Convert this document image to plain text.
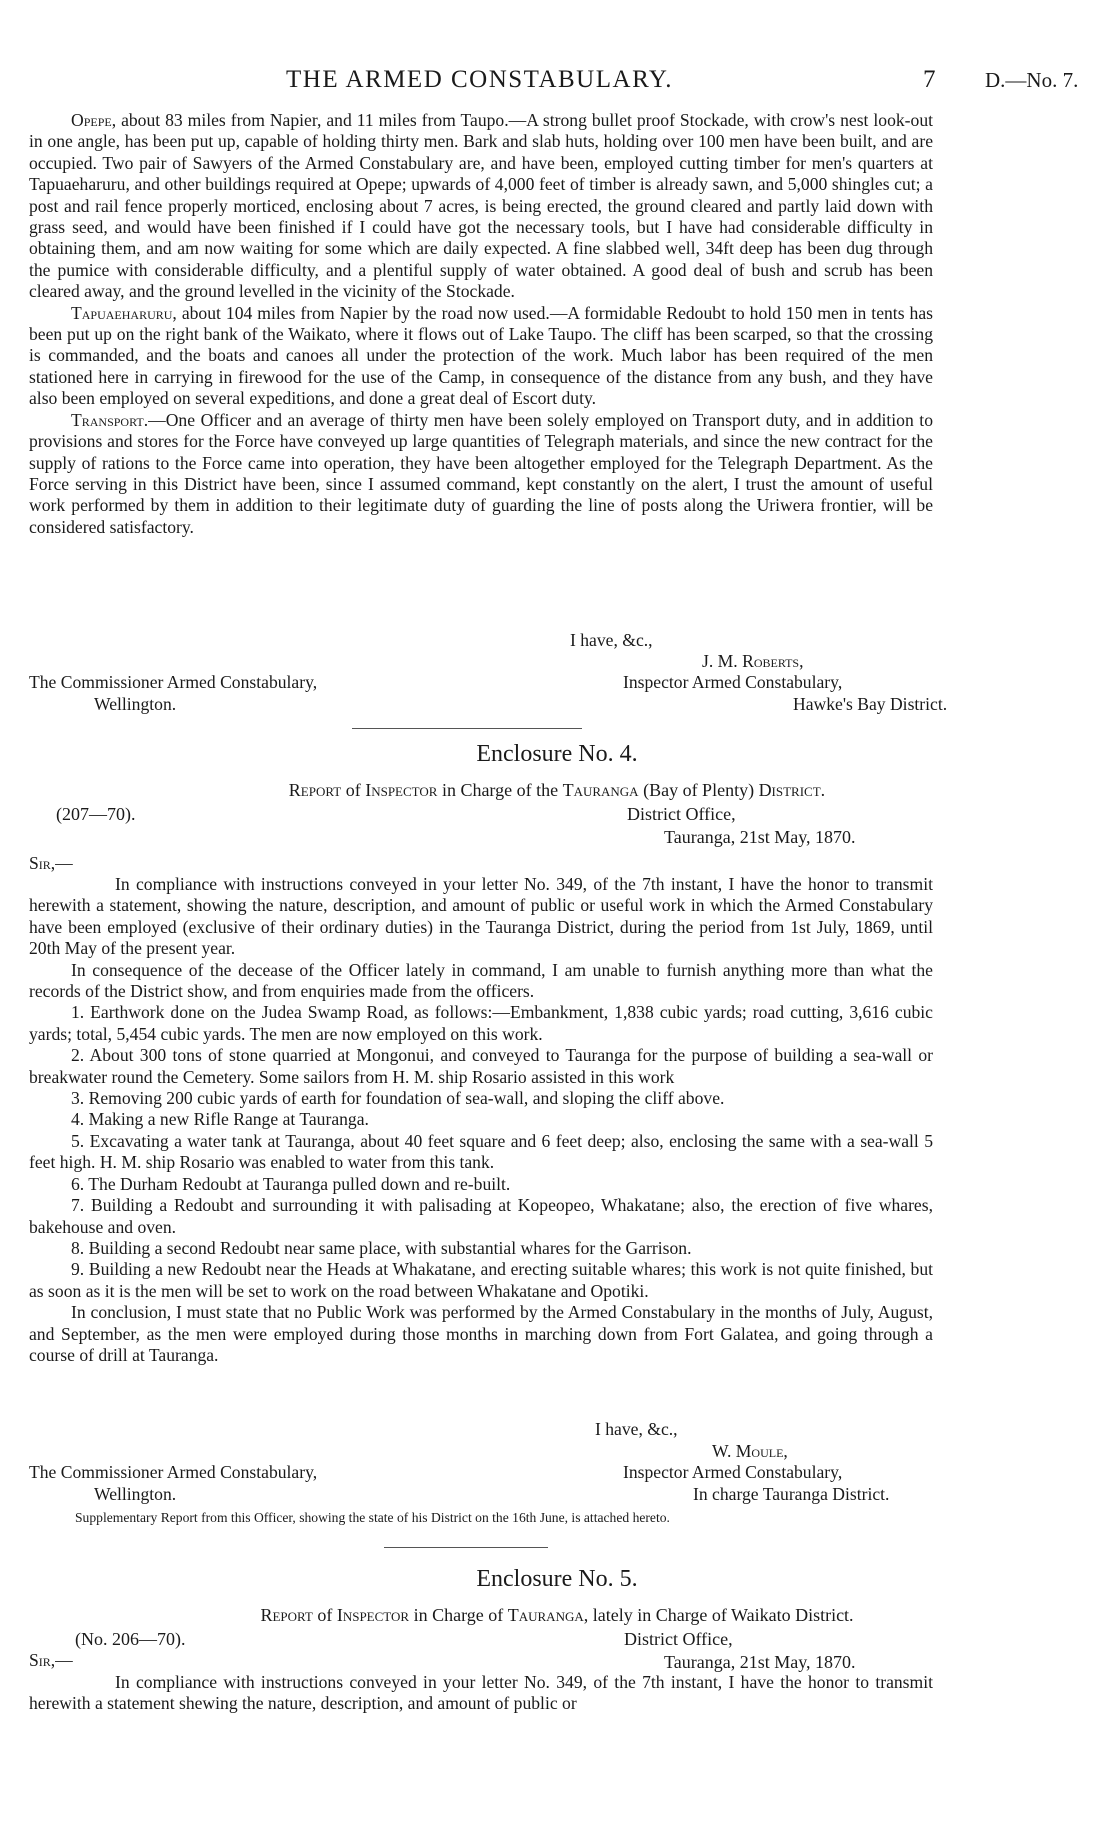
THE ARMED CONSTABULARY.	7 D.—No. 7.

Opepe, about 83 miles from Napier, and 11 miles from Taupo.—A strong bullet proof Stockade, with crow's nest look-out in one angle, has been put up, capable of holding thirty men. Bark and slab huts, holding over 100 men have been built, and are occupied. Two pair of Sawyers of the Armed Constabulary are, and have been, employed cutting timber for men's quarters at Tapuaeharuru, and other buildings required at Opepe; upwards of 4,000 feet of timber is already sawn, and 5,000 shingles cut; a post and rail fence properly morticed, enclosing about 7 acres, is being erected, the ground cleared and partly laid down with grass seed, and would have been finished if I could have got the necessary tools, but I have had considerable difficulty in obtaining them, and am now waiting for some which are daily expected. A fine slabbed well, 34ft deep has been dug through the pumice with considerable difficulty, and a plentiful supply of water obtained. A good deal of bush and scrub has been cleared away, and the ground levelled in the vicinity of the Stockade.

Tapuaeharuru, about 104 miles from Napier by the road now used.—A formidable Redoubt to hold 150 men in tents has been put up on the right bank of the Waikato, where it flows out of Lake Taupo. The cliff has been scarped, so that the crossing is commanded, and the boats and canoes all under the protection of the work. Much labor has been required of the men stationed here in carrying in firewood for the use of the Camp, in consequence of the distance from any bush, and they have also been employed on several expeditions, and done a great deal of Escort duty.

Transport.—One Officer and an average of thirty men have been solely employed on Transport duty, and in addition to provisions and stores for the Force have conveyed up large quantities of Telegraph materials, and since the new contract for the supply of rations to the Force came into operation, they have been altogether employed for the Telegraph Department. As the Force serving in this District have been, since I assumed command, kept constantly on the alert, I trust the amount of useful work performed by them in addition to their legitimate duty of guarding the line of posts along the Uriwera frontier, will be considered satisfactory.

I have, &c.,
J. M. Roberts,
The Commissioner Armed Constabulary,	Inspector Armed Constabulary,
Wellington.	Hawke's Bay District.
Enclosure No. 4.
Report of Inspector in Charge of the Tauranga (Bay of Plenty) District.
(207—70).	District Office,
Tauranga, 21st May, 1870.
Sir,—

In compliance with instructions conveyed in your letter No. 349, of the 7th instant, I have the honor to transmit herewith a statement, showing the nature, description, and amount of public or useful work in which the Armed Constabulary have been employed (exclusive of their ordinary duties) in the Tauranga District, during the period from 1st July, 1869, until 20th May of the present year.

In consequence of the decease of the Officer lately in command, I am unable to furnish anything more than what the records of the District show, and from enquiries made from the officers.

1. Earthwork done on the Judea Swamp Road, as follows:—Embankment, 1,838 cubic yards; road cutting, 3,616 cubic yards; total, 5,454 cubic yards. The men are now employed on this work.

2. About 300 tons of stone quarried at Mongonui, and conveyed to Tauranga for the purpose of building a sea-wall or breakwater round the Cemetery. Some sailors from H. M. ship Rosario assisted in this work

3. Removing 200 cubic yards of earth for foundation of sea-wall, and sloping the cliff above.

4. Making a new Rifle Range at Tauranga.

5. Excavating a water tank at Tauranga, about 40 feet square and 6 feet deep; also, enclosing the same with a sea-wall 5 feet high. H. M. ship Rosario was enabled to water from this tank.

6. The Durham Redoubt at Tauranga pulled down and re-built.

7. Building a Redoubt and surrounding it with palisading at Kopeopeo, Whakatane; also, the erection of five whares, bakehouse and oven.

8. Building a second Redoubt near same place, with substantial whares for the Garrison.

9. Building a new Redoubt near the Heads at Whakatane, and erecting suitable whares; this work is not quite finished, but as soon as it is the men will be set to work on the road between Whakatane and Opotiki.

In conclusion, I must state that no Public Work was performed by the Armed Constabulary in the months of July, August, and September, as the men were employed during those months in marching down from Fort Galatea, and going through a course of drill at Tauranga.

I have, &c.,
W. Moule,
The Commissioner Armed Constabulary,	Inspector Armed Constabulary,
Wellington.	In charge Tauranga District.
Supplementary Report from this Officer, showing the state of his District on the 16th June, is attached hereto.
Enclosure No. 5.
Report of Inspector in Charge of Tauranga, lately in Charge of Waikato District.
(No. 206—70).	District Office,
Sir,—	Tauranga, 21st May, 1870.

In compliance with instructions conveyed in your letter No. 349, of the 7th instant, I have the honor to transmit herewith a statement shewing the nature, description, and amount of public or
